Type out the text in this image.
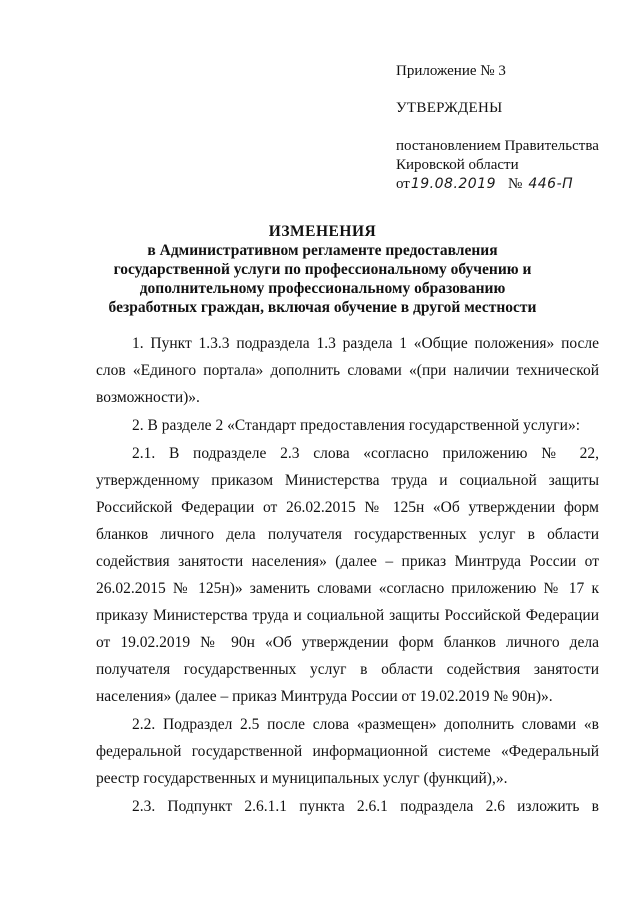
Приложение № 3

УТВЕРЖДЕНЫ

постановлением Правительства
Кировской области
от19.08.2019 № 446-П

ИЗМЕНЕНИЯ

в Административном регламенте предоставления государственной услуги по профессиональному обучению и дополнительному профессиональному образованию безработных граждан, включая обучение в другой местности

1. Пункт 1.3.3 подраздела 1.3 раздела 1 «Общие положения» после слов «Единого портала» дополнить словами «(при наличии технической возможности)».

2. В разделе 2 «Стандарт предоставления государственной услуги»:

2.1. В подразделе 2.3 слова «согласно приложению № 22, утвержденному приказом Министерства труда и социальной защиты Российской Федерации от 26.02.2015 № 125н «Об утверждении форм бланков личного дела получателя государственных услуг в области содействия занятости населения» (далее – приказ Минтруда России от 26.02.2015 № 125н)» заменить словами «согласно приложению № 17 к приказу Министерства труда и социальной защиты Российской Федерации от 19.02.2019 № 90н «Об утверждении форм бланков личного дела получателя государственных услуг в области содействия занятости населения» (далее – приказ Минтруда России от 19.02.2019 № 90н)».

2.2. Подраздел 2.5 после слова «размещен» дополнить словами «в федеральной государственной информационной системе «Федеральный реестр государственных и муниципальных услуг (функций),».

2.3. Подпункт 2.6.1.1 пункта 2.6.1 подраздела 2.6 изложить в
